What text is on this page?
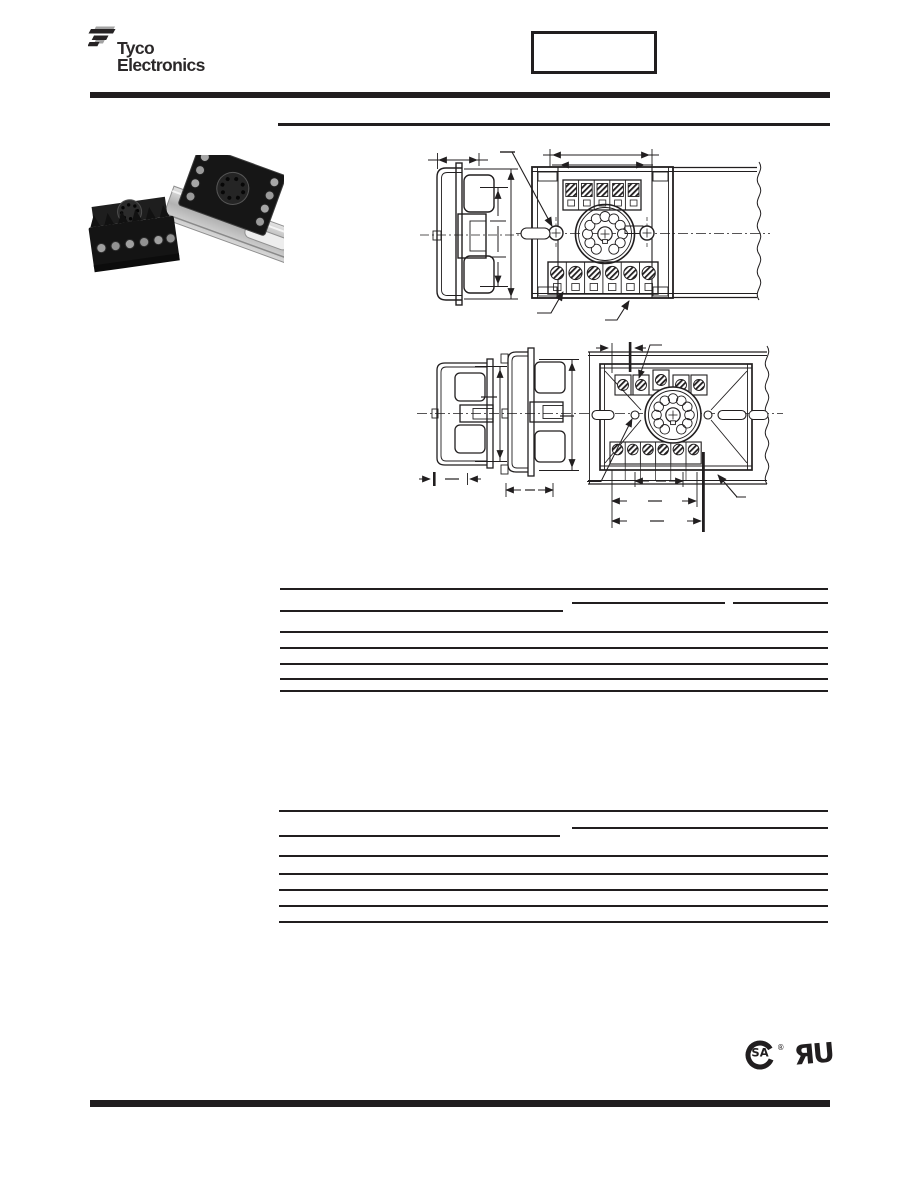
Tyco
Electronics
SA ® ЯU
